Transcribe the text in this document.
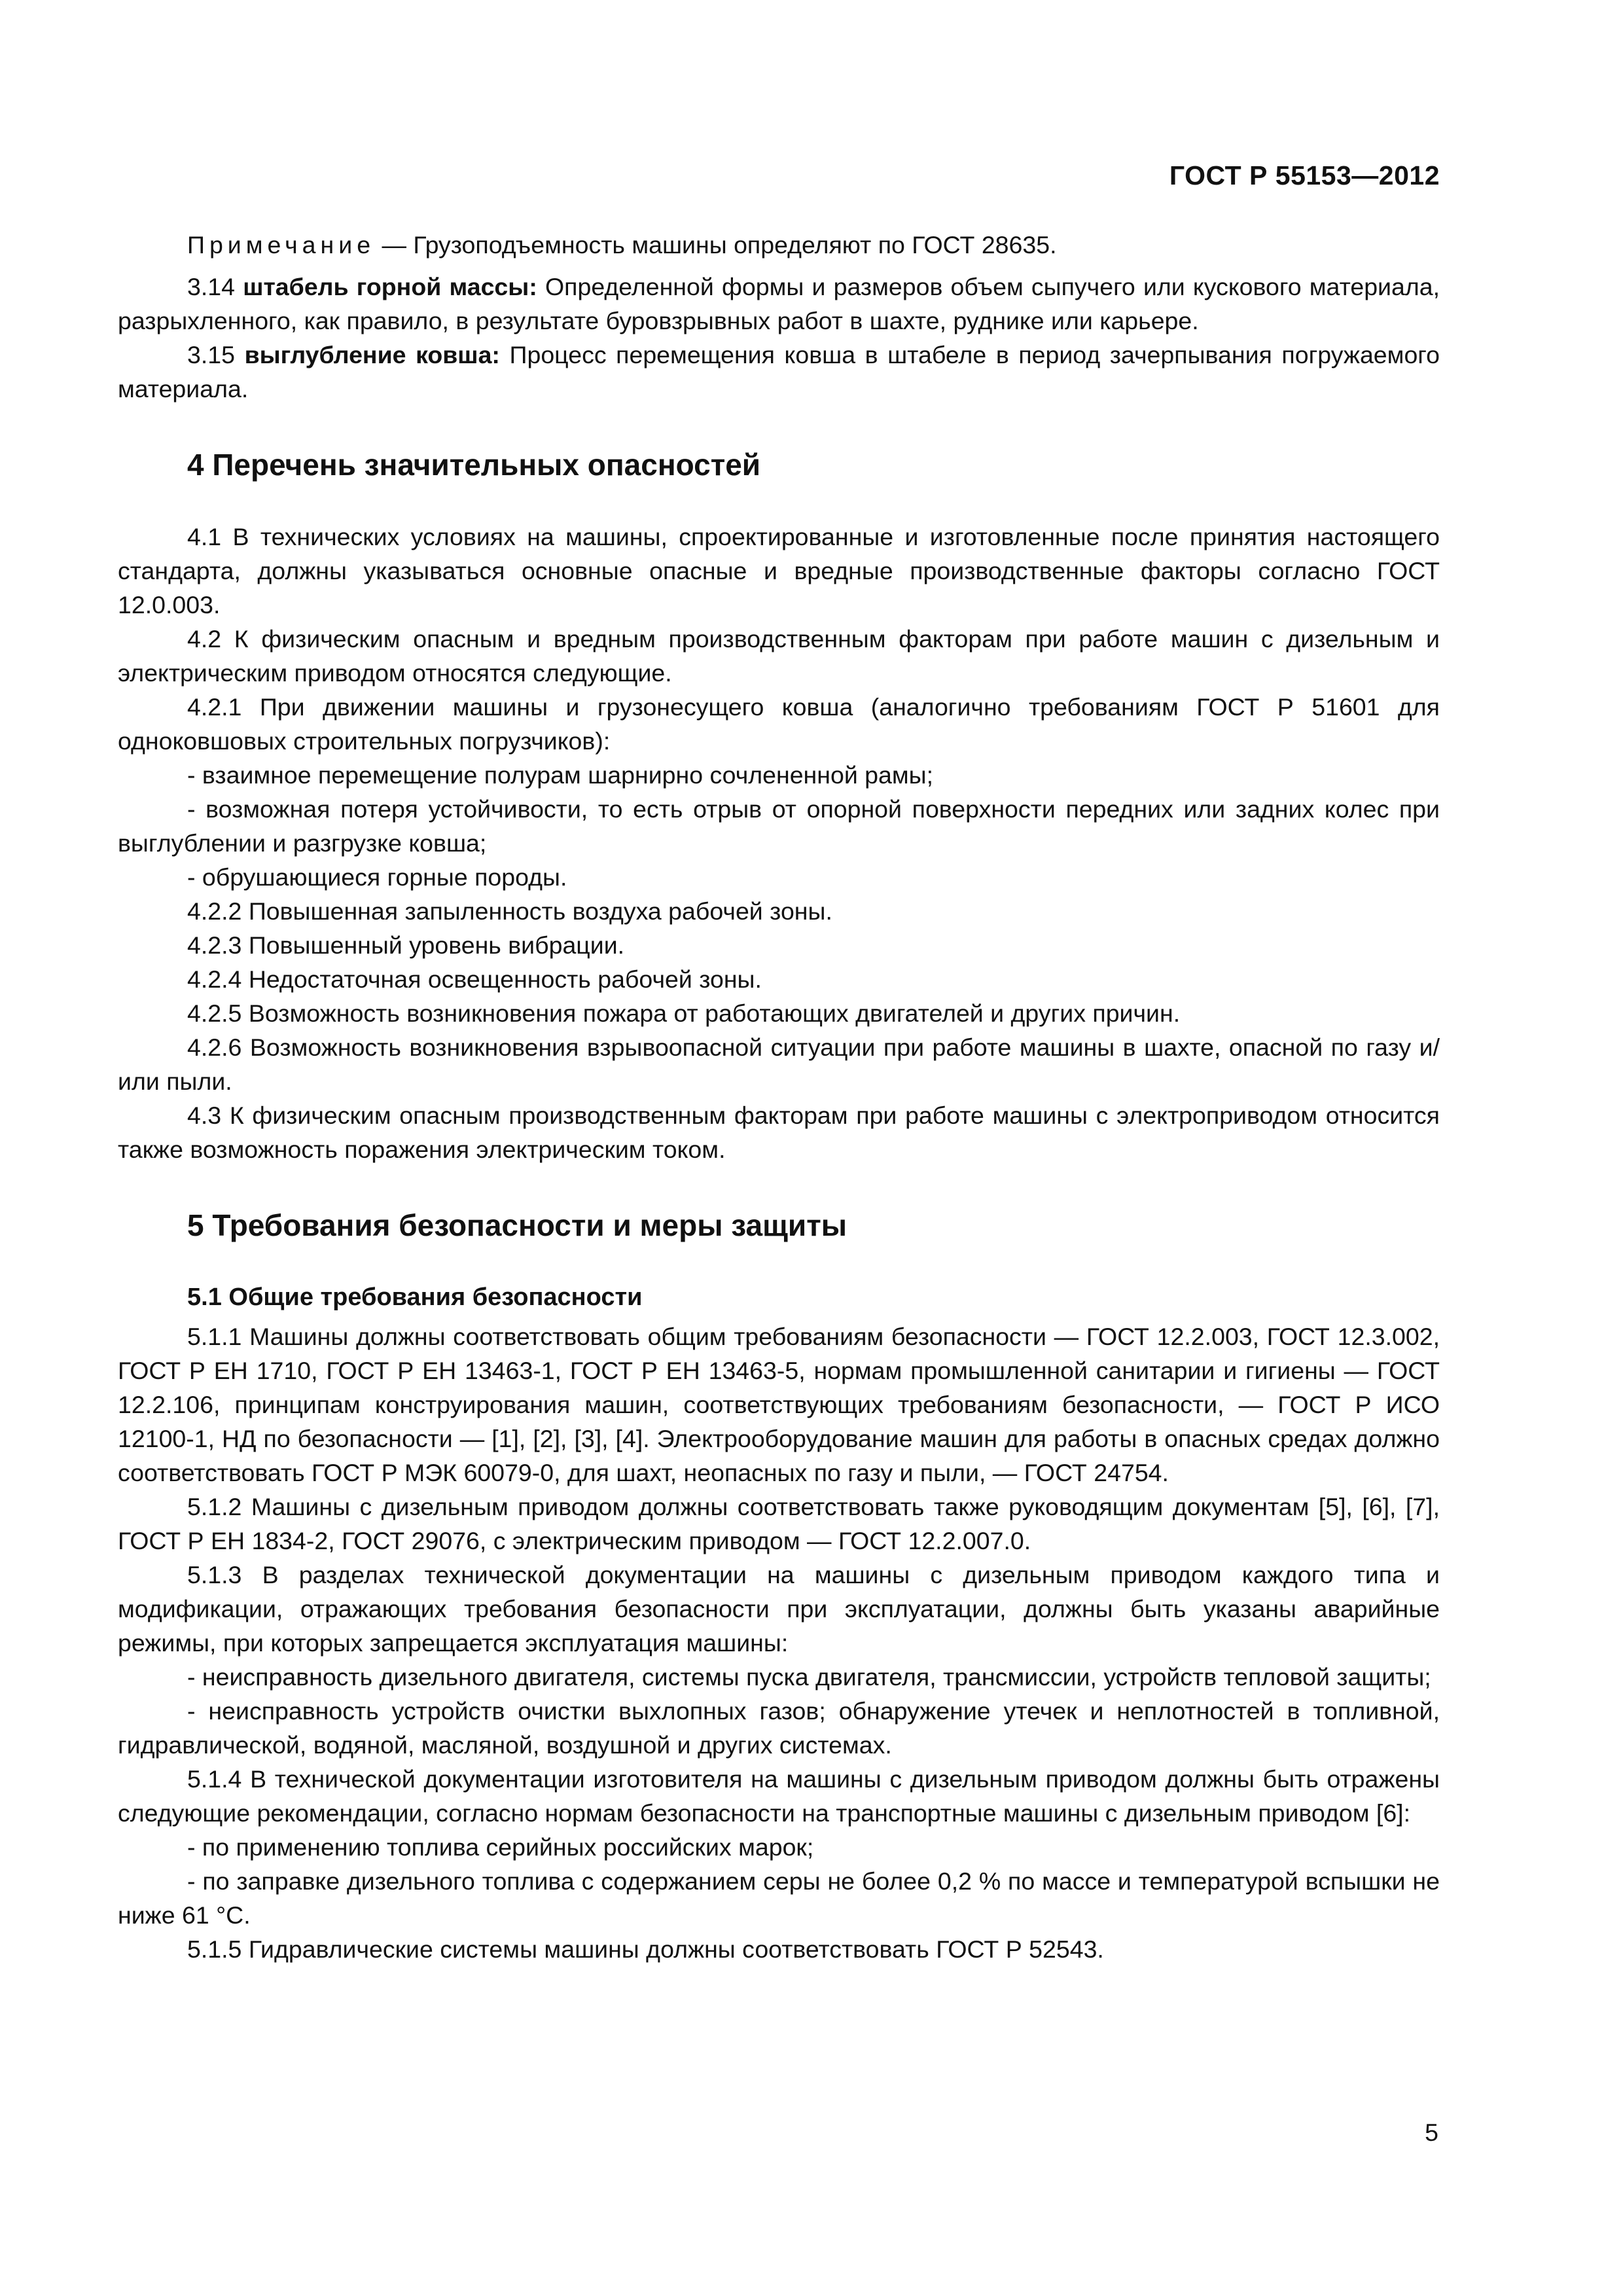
ГОСТ Р 55153—2012

Примечание — Грузоподъемность машины определяют по ГОСТ 28635.

3.14 штабель горной массы: Определенной формы и размеров объем сыпучего или кускового материала, разрыхленного, как правило, в результате буровзрывных работ в шахте, руднике или карьере.

3.15 выглубление ковша: Процесс перемещения ковша в штабеле в период зачерпывания погружаемого материала.

4 Перечень значительных опасностей

4.1 В технических условиях на машины, спроектированные и изготовленные после принятия настоящего стандарта, должны указываться основные опасные и вредные производственные факторы согласно ГОСТ 12.0.003.

4.2 К физическим опасным и вредным производственным факторам при работе машин с дизельным и электрическим приводом относятся следующие.

4.2.1 При движении машины и грузонесущего ковша (аналогично требованиям ГОСТ Р 51601 для одноковшовых строительных погрузчиков):

- взаимное перемещение полурам шарнирно сочлененной рамы;

- возможная потеря устойчивости, то есть отрыв от опорной поверхности передних или задних колес при выглублении и разгрузке ковша;

- обрушающиеся горные породы.

4.2.2 Повышенная запыленность воздуха рабочей зоны.

4.2.3 Повышенный уровень вибрации.

4.2.4 Недостаточная освещенность рабочей зоны.

4.2.5 Возможность возникновения пожара от работающих двигателей и других причин.

4.2.6 Возможность возникновения взрывоопасной ситуации при работе машины в шахте, опасной по газу и/или пыли.

4.3 К физическим опасным производственным факторам при работе машины с электроприводом относится также возможность поражения электрическим током.

5 Требования безопасности и меры защиты
5.1 Общие требования безопасности

5.1.1 Машины должны соответствовать общим требованиям безопасности — ГОСТ 12.2.003, ГОСТ 12.3.002, ГОСТ Р ЕН 1710, ГОСТ Р ЕН 13463-1, ГОСТ Р ЕН 13463-5, нормам промышленной санитарии и гигиены — ГОСТ 12.2.106, принципам конструирования машин, соответствующих требованиям безопасности, — ГОСТ Р ИСО 12100-1, НД по безопасности — [1], [2], [3], [4]. Электрооборудование машин для работы в опасных средах должно соответствовать ГОСТ Р МЭК 60079-0, для шахт, неопасных по газу и пыли, — ГОСТ 24754.

5.1.2 Машины с дизельным приводом должны соответствовать также руководящим документам [5], [6], [7], ГОСТ Р ЕН 1834-2, ГОСТ 29076, с электрическим приводом — ГОСТ 12.2.007.0.

5.1.3 В разделах технической документации на машины с дизельным приводом каждого типа и модификации, отражающих требования безопасности при эксплуатации, должны быть указаны аварийные режимы, при которых запрещается эксплуатация машины:

- неисправность дизельного двигателя, системы пуска двигателя, трансмиссии, устройств тепловой защиты;

- неисправность устройств очистки выхлопных газов; обнаружение утечек и неплотностей в топливной, гидравлической, водяной, масляной, воздушной и других системах.

5.1.4 В технической документации изготовителя на машины с дизельным приводом должны быть отражены следующие рекомендации, согласно нормам безопасности на транспортные машины с дизельным приводом [6]:

- по применению топлива серийных российских марок;

- по заправке дизельного топлива с содержанием серы не более 0,2 % по массе и температурой вспышки не ниже 61 °С.

5.1.5 Гидравлические системы машины должны соответствовать ГОСТ Р 52543.

5
